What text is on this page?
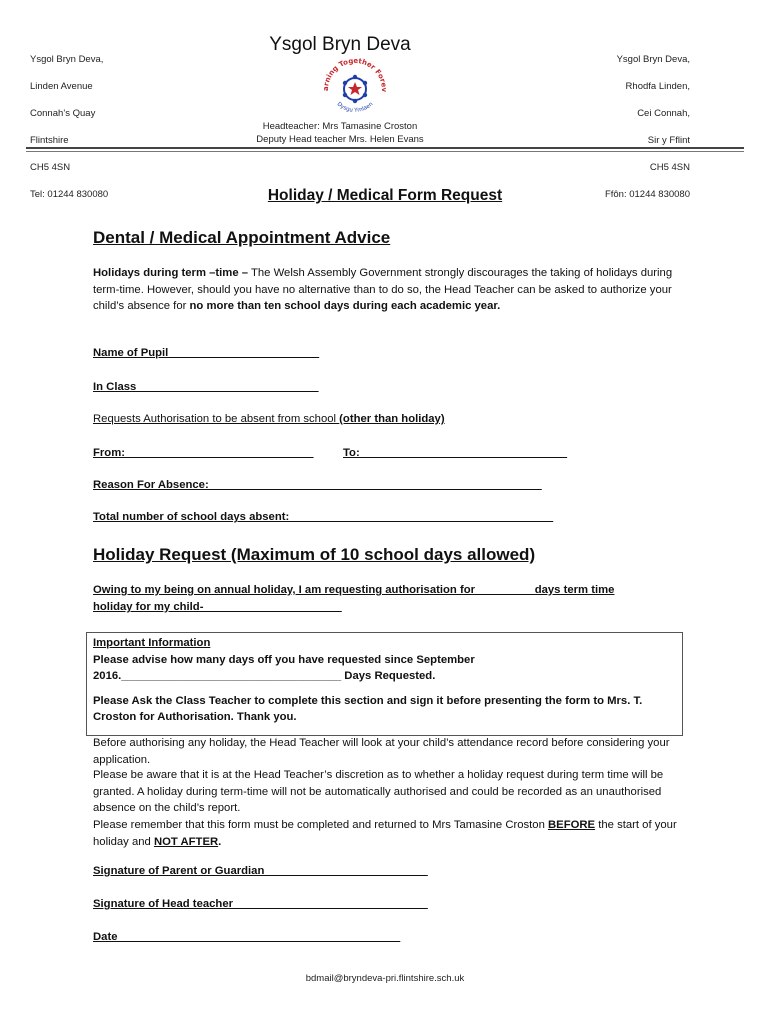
Ysgol Bryn Deva,

Linden Avenue

Connah’s Quay

Flintshire

CH5 4SN

Tel: 01244 830080

Ysgol Bryn Deva
arning Together Forev
Dysgu Ymlaen

Ysgol Bryn Deva,

Rhodfa Linden,

Cei Connah,

Sir y Fflint

CH5 4SN

Ffôn: 01244 830080

Headteacher: Mrs Tamasine Croston
Deputy Head teacher Mrs. Helen Evans
Holiday / Medical Form Request
Dental / Medical Appointment Advice
Holidays during term –time – The Welsh Assembly Government strongly discourages the taking of holidays during term-time. However, should you have no alternative than to do so, the Head Teacher can be asked to authorize your child’s absence for no more than ten school days during each academic year.
Name of Pupil________________________
In Class_____________________________
Requests Authorisation to be absent from school (other than holiday)
From:______________________________	To:_________________________________
Reason For Absence:_____________________________________________________
Total number of school days absent:__________________________________________
Holiday Request (Maximum of 10 school days allowed)
Owing to my being on annual holiday, I am requesting authorisation for _________days term time
holiday for my child-______________________
Important Information
Please advise how many days off you have requested since September
2016.___________________________________ Days Requested.
Please Ask the Class Teacher to complete this section and sign it before presenting the form to Mrs. T. Croston for Authorisation. Thank you.
Before authorising any holiday, the Head Teacher will look at your child’s attendance record before considering your application.
Please be aware that it is at the Head Teacher’s discretion as to whether a holiday request during term time will be granted. A holiday during term-time will not be automatically authorised and could be recorded as an unauthorised absence on the child’s report.
Please remember that this form must be completed and returned to Mrs Tamasine Croston BEFORE the start of your holiday and NOT AFTER.
Signature of Parent or Guardian__________________________
Signature of Head teacher_______________________________
Date_____________________________________________
bdmail@bryndeva-pri.flintshire.sch.uk
